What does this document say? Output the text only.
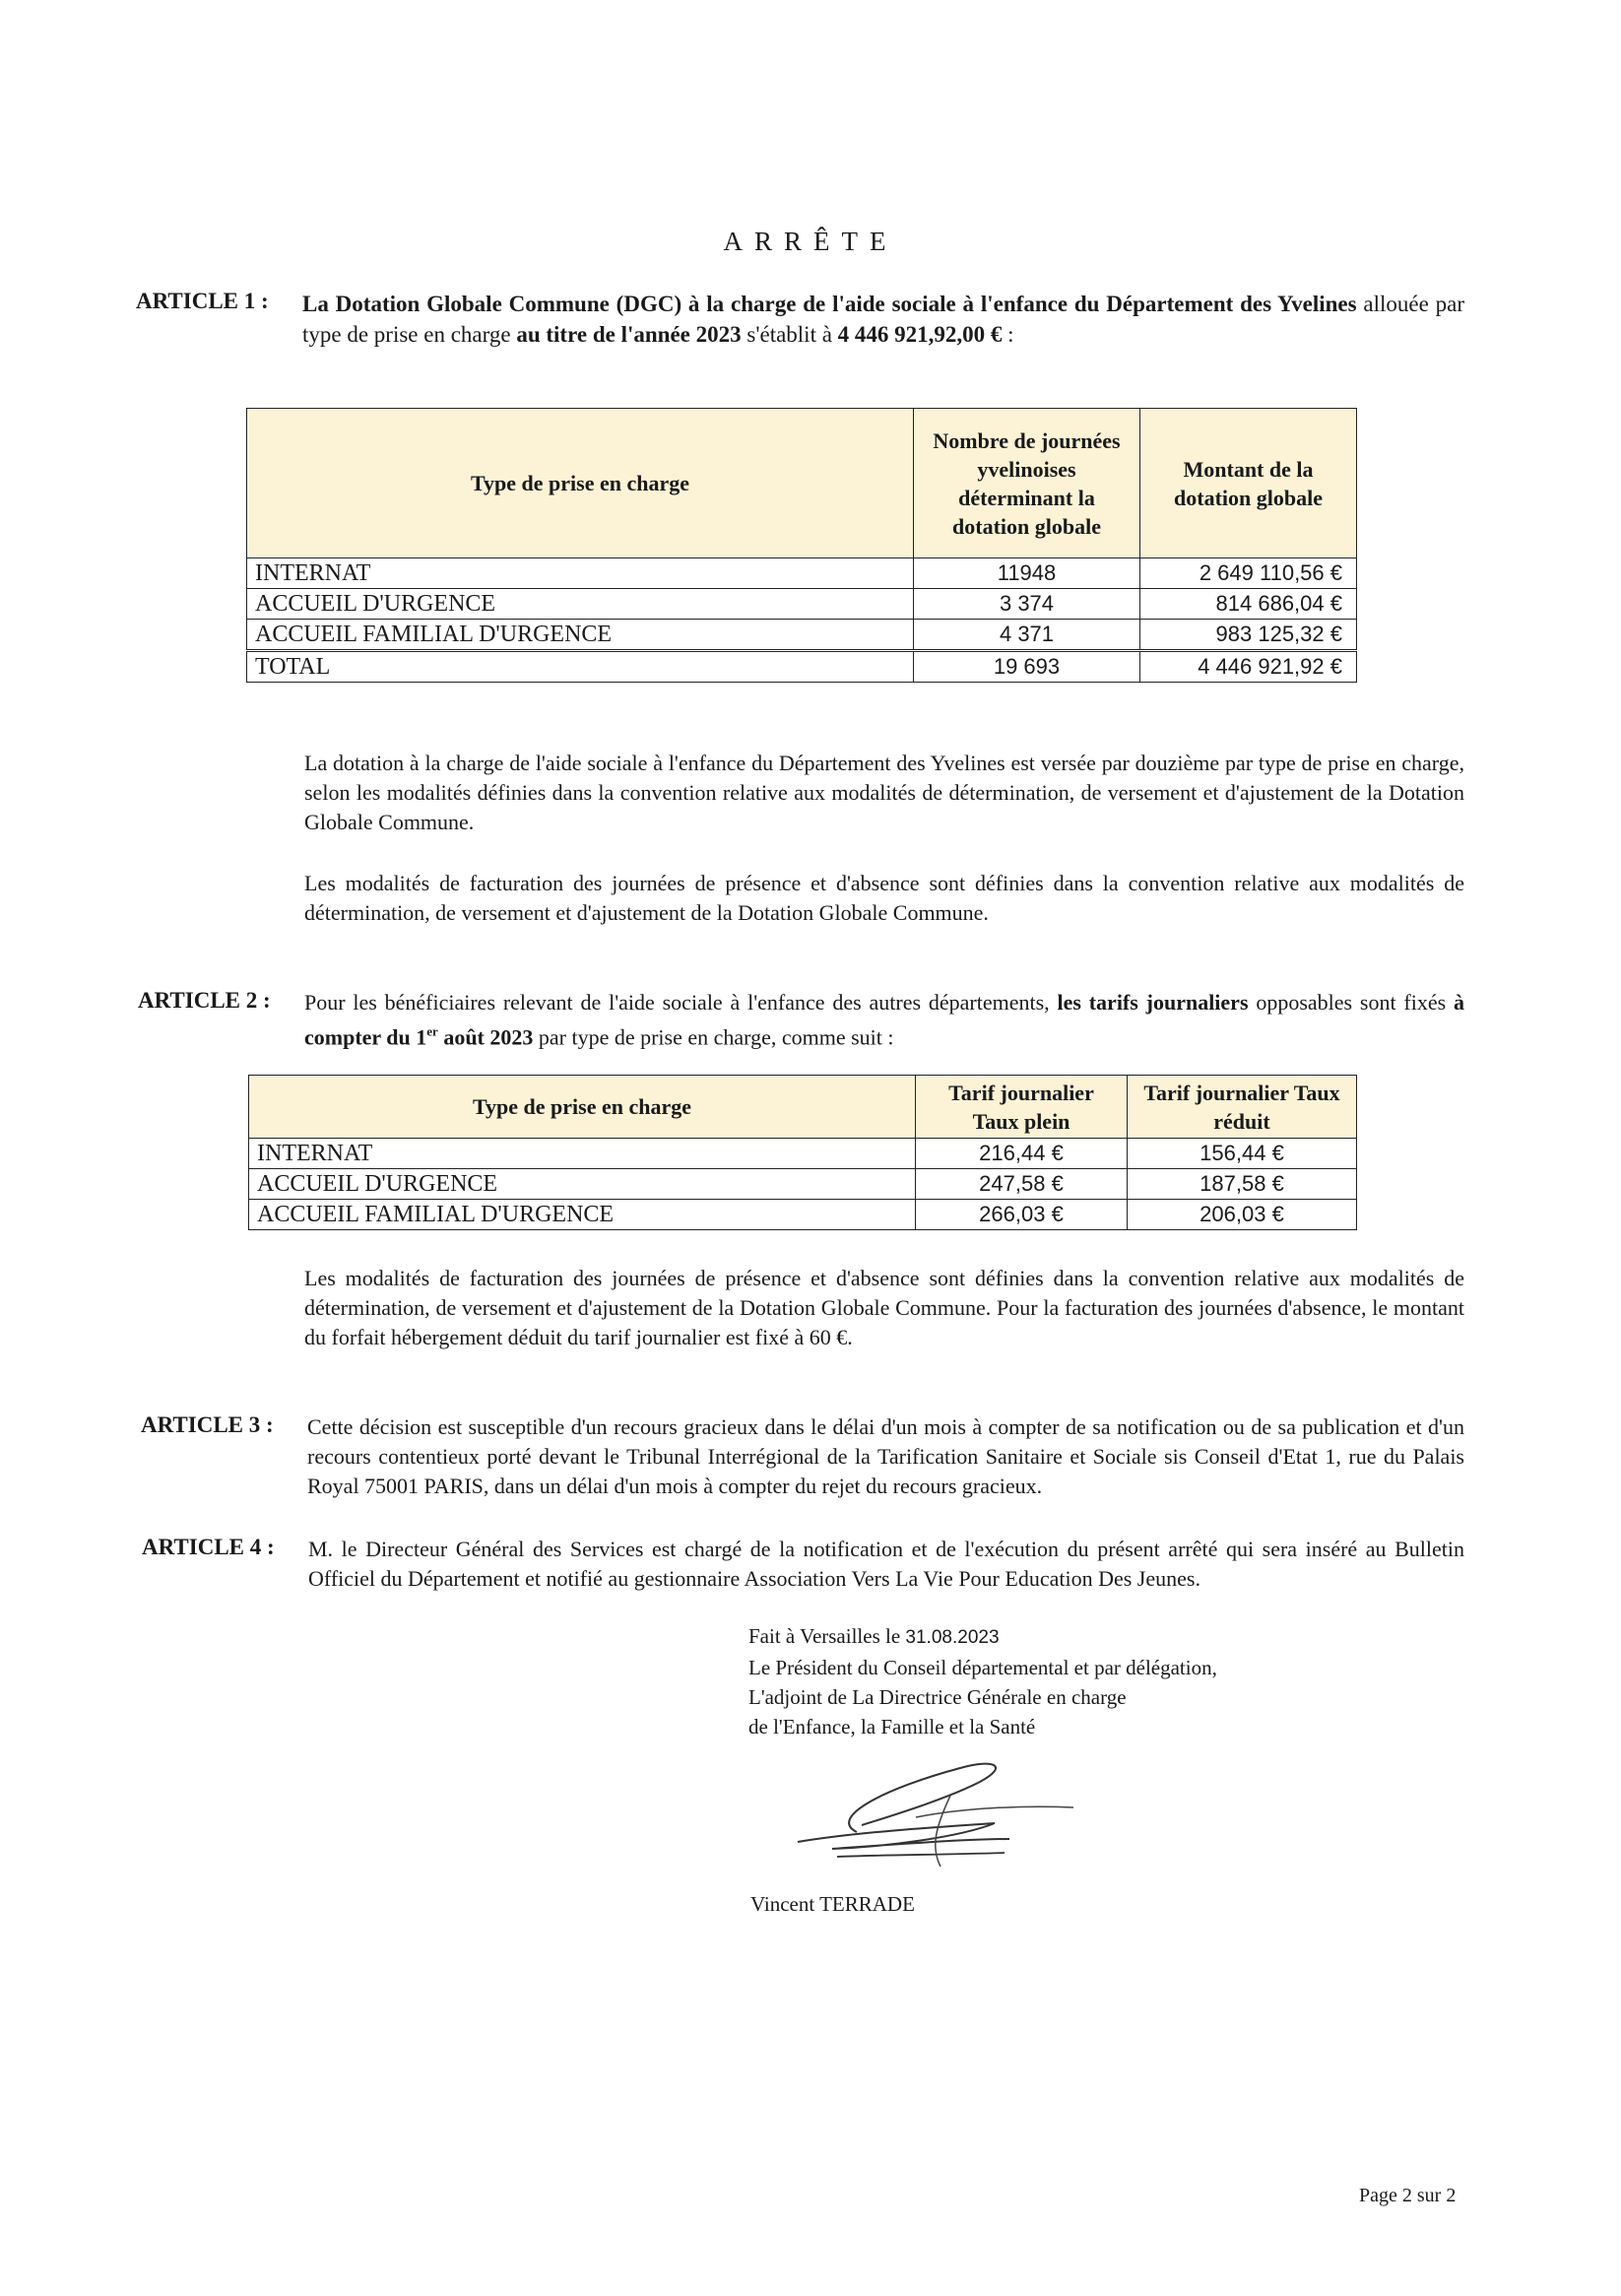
ARRÊTE
ARTICLE 1 : La Dotation Globale Commune (DGC) à la charge de l'aide sociale à l'enfance du Département des Yvelines allouée par type de prise en charge au titre de l'année 2023 s'établit à 4 446 921,92,00 € :
Type de prise en charge	Nombre de journées yvelinoises déterminant la dotation globale	Montant de la dotation globale
INTERNAT	11948	2 649 110,56 €
ACCUEIL D'URGENCE	3 374	814 686,04 €
ACCUEIL FAMILIAL D'URGENCE	4 371	983 125,32 €
TOTAL	19 693	4 446 921,92 €
La dotation à la charge de l'aide sociale à l'enfance du Département des Yvelines est versée par douzième par type de prise en charge, selon les modalités définies dans la convention relative aux modalités de détermination, de versement et d'ajustement de la Dotation Globale Commune.
Les modalités de facturation des journées de présence et d'absence sont définies dans la convention relative aux modalités de détermination, de versement et d'ajustement de la Dotation Globale Commune.
ARTICLE 2 : Pour les bénéficiaires relevant de l'aide sociale à l'enfance des autres départements, les tarifs journaliers opposables sont fixés à compter du 1er août 2023 par type de prise en charge, comme suit :
Type de prise en charge	Tarif journalier Taux plein	Tarif journalier Taux réduit
INTERNAT	216,44 €	156,44 €
ACCUEIL D'URGENCE	247,58 €	187,58 €
ACCUEIL FAMILIAL D'URGENCE	266,03 €	206,03 €
Les modalités de facturation des journées de présence et d'absence sont définies dans la convention relative aux modalités de détermination, de versement et d'ajustement de la Dotation Globale Commune. Pour la facturation des journées d'absence, le montant du forfait hébergement déduit du tarif journalier est fixé à 60 €.
ARTICLE 3 : Cette décision est susceptible d'un recours gracieux dans le délai d'un mois à compter de sa notification ou de sa publication et d'un recours contentieux porté devant le Tribunal Interrégional de la Tarification Sanitaire et Sociale sis Conseil d'Etat 1, rue du Palais Royal 75001 PARIS, dans un délai d'un mois à compter du rejet du recours gracieux.
ARTICLE 4 : M. le Directeur Général des Services est chargé de la notification et de l'exécution du présent arrêté qui sera inséré au Bulletin Officiel du Département et notifié au gestionnaire Association Vers La Vie Pour Education Des Jeunes.
Fait à Versailles le 31.08.2023
Le Président du Conseil départemental et par délégation,
L'adjoint de La Directrice Générale en charge
de l'Enfance, la Famille et la Santé
Vincent TERRADE
Page 2 sur 2
